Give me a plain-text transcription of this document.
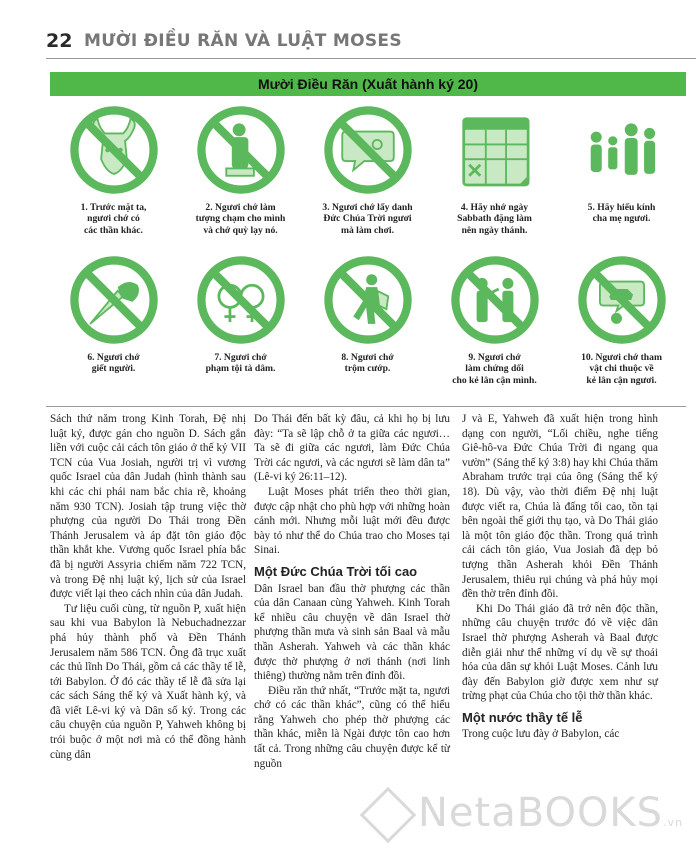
22 MƯỜI ĐIỀU RĂN VÀ LUẬT MOSES
Mười Điều Răn (Xuất hành ký 20)
1. Trước mặt ta,
ngươi chớ có
các thần khác.
2. Ngươi chớ làm
tượng chạm cho mình
và chớ quỳ lạy nó.
3. Ngươi chớ lấy danh
Đức Chúa Trời ngươi
mà làm chơi.
4. Hãy nhớ ngày
Sabbath đặng làm
nên ngày thánh.
5. Hãy hiếu kính
cha mẹ ngươi.
6. Ngươi chớ
giết người.
7. Ngươi chớ
phạm tội tà dâm.
8. Ngươi chớ
trộm cướp.
9. Ngươi chớ
làm chứng dối
cho kẻ lân cận mình.
10. Ngươi chớ tham
vật chi thuộc về
kẻ lân cận ngươi.

Sách thứ năm trong Kinh Torah, Đệ nhị luật ký, được gán cho nguồn D. Sách gắn liền với cuộc cải cách tôn giáo ở thế kỷ VII TCN của Vua Josiah, người trị vì vương quốc Israel của dân Judah (hình thành sau khi các chi phái nam bắc chia rẽ, khoảng năm 930 TCN). Josiah tập trung việc thờ phượng của người Do Thái trong Đền Thánh Jerusalem và áp đặt tôn giáo độc thần khắt khe. Vương quốc Israel phía bắc đã bị người Assyria chiếm năm 722 TCN, và trong Đệ nhị luật ký, lịch sử của Israel được viết lại theo cách nhìn của dân Judah.

Tư liệu cuối cùng, từ nguồn P, xuất hiện sau khi vua Babylon là Nebuchadnezzar phá hủy thành phố và Đền Thánh Jerusalem năm 586 TCN. Ông đã trục xuất các thủ lĩnh Do Thái, gồm cả các thầy tế lễ, tới Babylon. Ở đó các thầy tế lễ đã sửa lại các sách Sáng thế ký và Xuất hành ký, và đã viết Lê-vi ký và Dân số ký. Trong các câu chuyện của nguồn P, Yahweh không bị trói buộc ở một nơi mà có thể đồng hành cùng dân

Do Thái đến bất kỳ đâu, cả khi họ bị lưu đày: “Ta sẽ lập chỗ ở ta giữa các ngươi… Ta sẽ đi giữa các ngươi, làm Đức Chúa Trời các ngươi, và các ngươi sẽ làm dân ta” (Lê-vi ký 26:11–12).

Luật Moses phát triển theo thời gian, được cập nhật cho phù hợp với những hoàn cảnh mới. Nhưng mỗi luật mới đều được bày tỏ như thể do Chúa trao cho Moses tại Sinai.

Một Đức Chúa Trời tối cao

Dân Israel ban đầu thờ phượng các thần của dân Canaan cùng Yahweh. Kinh Torah kể nhiều câu chuyện về dân Israel thờ phượng thần mưa và sinh sản Baal và mẫu thần Asherah. Yahweh và các thần khác được thờ phượng ở nơi thánh (nơi linh thiêng) thường nằm trên đỉnh đồi.

Điều răn thứ nhất, “Trước mặt ta, ngươi chớ có các thần khác”, cũng có thể hiểu rằng Yahweh cho phép thờ phượng các thần khác, miễn là Ngài được tôn cao hơn tất cả. Trong những câu chuyện được kể từ nguồn

J và E, Yahweh đã xuất hiện trong hình dạng con người, “Lối chiều, nghe tiếng Giê-hô-va Đức Chúa Trời đi ngang qua vườn” (Sáng thế ký 3:8) hay khi Chúa thăm Abraham trước trại của ông (Sáng thế ký 18). Dù vậy, vào thời điểm Đệ nhị luật được viết ra, Chúa là đấng tối cao, tồn tại bên ngoài thế giới thụ tạo, và Do Thái giáo là một tôn giáo độc thần. Trong quá trình cải cách tôn giáo, Vua Josiah đã dẹp bỏ tượng thần Asherah khỏi Đền Thánh Jerusalem, thiêu rụi chúng và phá hủy mọi đền thờ trên đỉnh đồi.

Khi Do Thái giáo đã trở nên độc thần, những câu chuyện trước đó về việc dân Israel thờ phượng Asherah và Baal được diễn giải như thể những ví dụ về sự thoái hóa của dân sự khỏi Luật Moses. Cảnh lưu đày đến Babylon giờ được xem như sự trừng phạt của Chúa cho tội thờ thần khác.

Một nước thầy tế lễ

Trong cuộc lưu đày ở Babylon, các

NetaBOOKS.vn
